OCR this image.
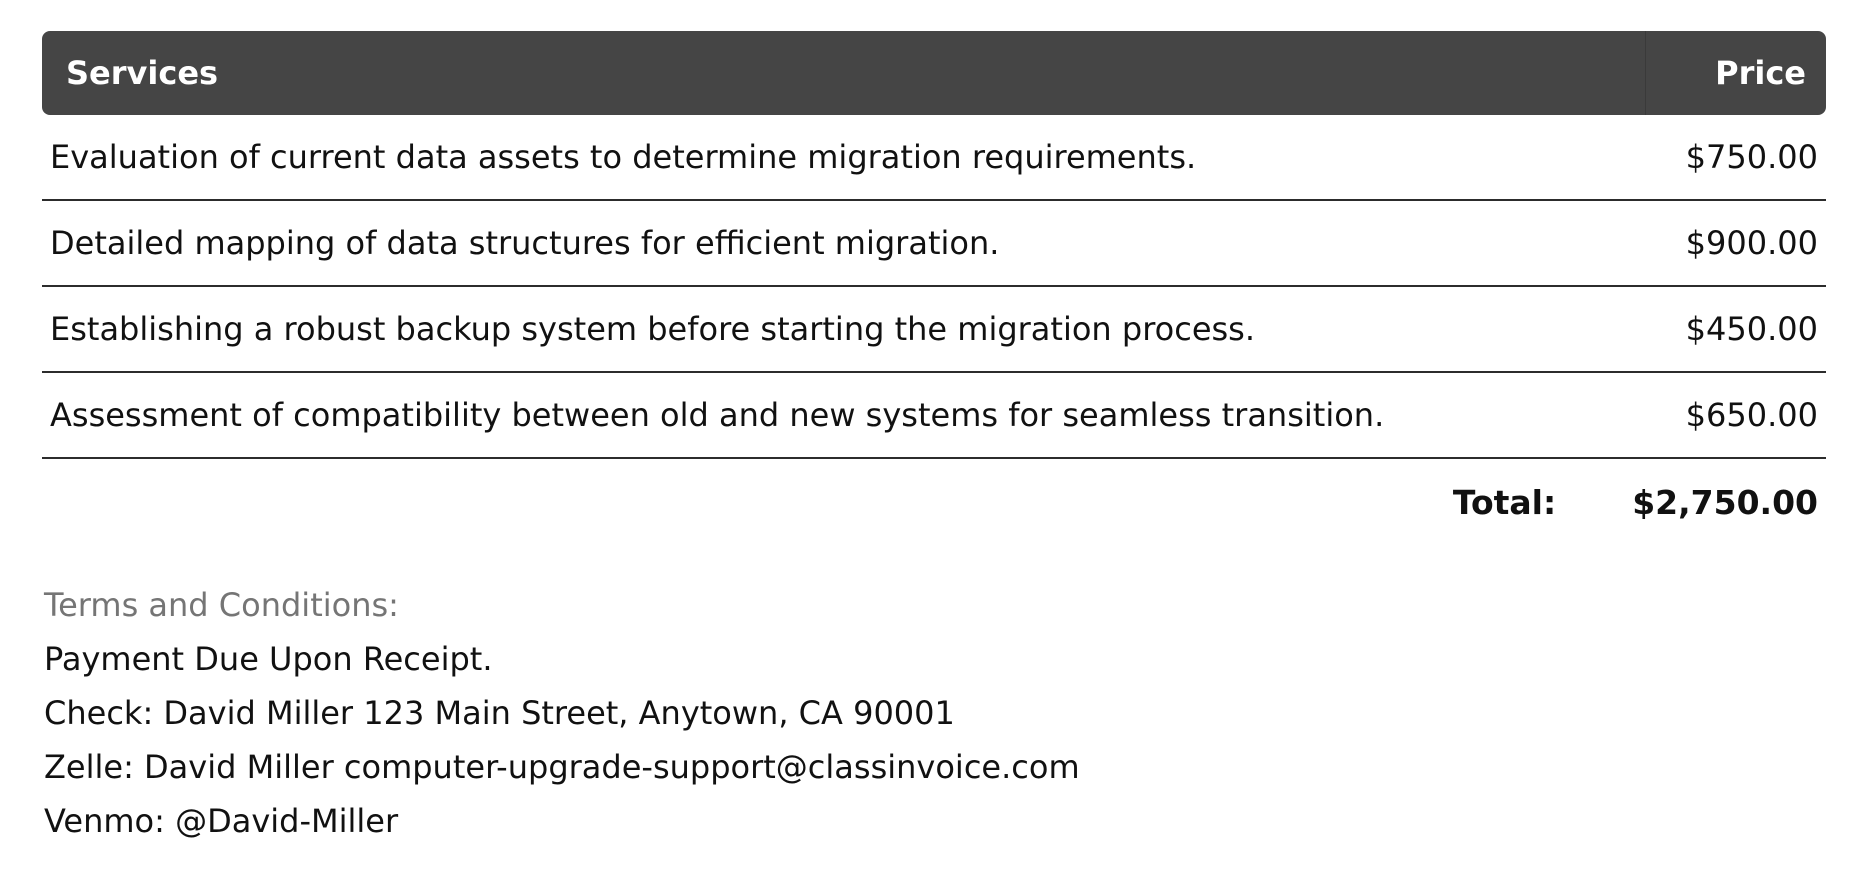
Services	Price
Evaluation of current data assets to determine migration requirements.	$750.00
Detailed mapping of data structures for efficient migration.	$900.00
Establishing a robust backup system before starting the migration process.	$450.00
Assessment of compatibility between old and new systems for seamless transition.	$650.00
Total: $2,750.00
Terms and Conditions:
Payment Due Upon Receipt.
Check: David Miller 123 Main Street, Anytown, CA 90001
Zelle: David Miller computer-upgrade-support@classinvoice.com
Venmo: @David-Miller
